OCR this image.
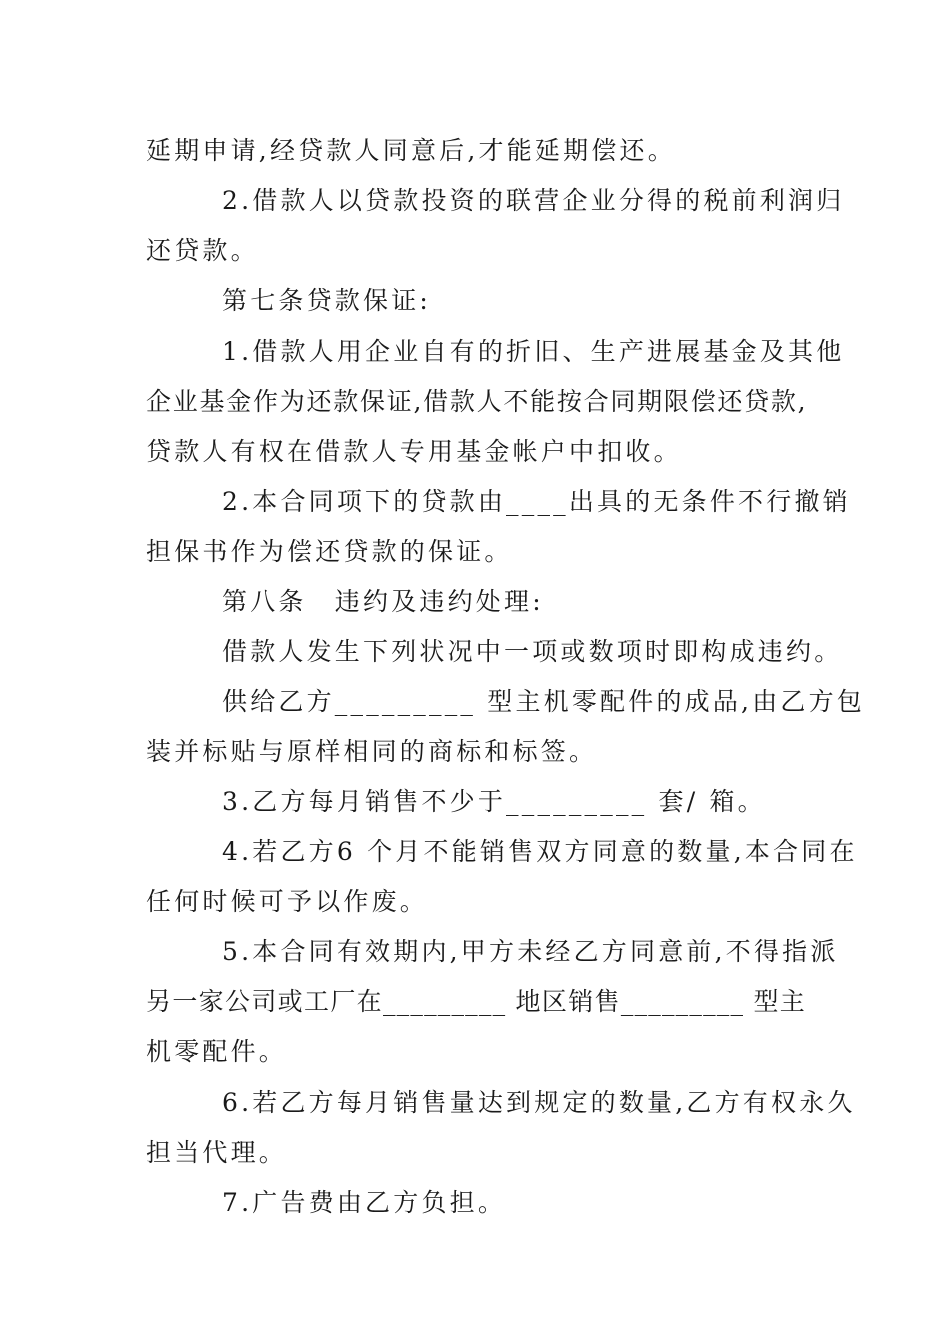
延期申请,经贷款人同意后,才能延期偿还。
2.借款人以贷款投资的联营企业分得的税前利润归
还贷款。
第七条贷款保证:
1.借款人用企业自有的折旧、生产进展基金及其他
企业基金作为还款保证,借款人不能按合同期限偿还贷款,
贷款人有权在借款人专用基金帐户中扣收。
2.本合同项下的贷款由____出具的无条件不行撤销
担保书作为偿还贷款的保证。
第八条　违约及违约处理:
借款人发生下列状况中一项或数项时即构成违约。
供给乙方_________ 型主机零配件的成品,由乙方包
装并标贴与原样相同的商标和标签。
3.乙方每月销售不少于_________ 套/ 箱。
4.若乙方6 个月不能销售双方同意的数量,本合同在
任何时候可予以作废。
5.本合同有效期内,甲方未经乙方同意前,不得指派
另一家公司或工厂在_________ 地区销售_________ 型主
机零配件。
6.若乙方每月销售量达到规定的数量,乙方有权永久
担当代理。
7.广告费由乙方负担。
